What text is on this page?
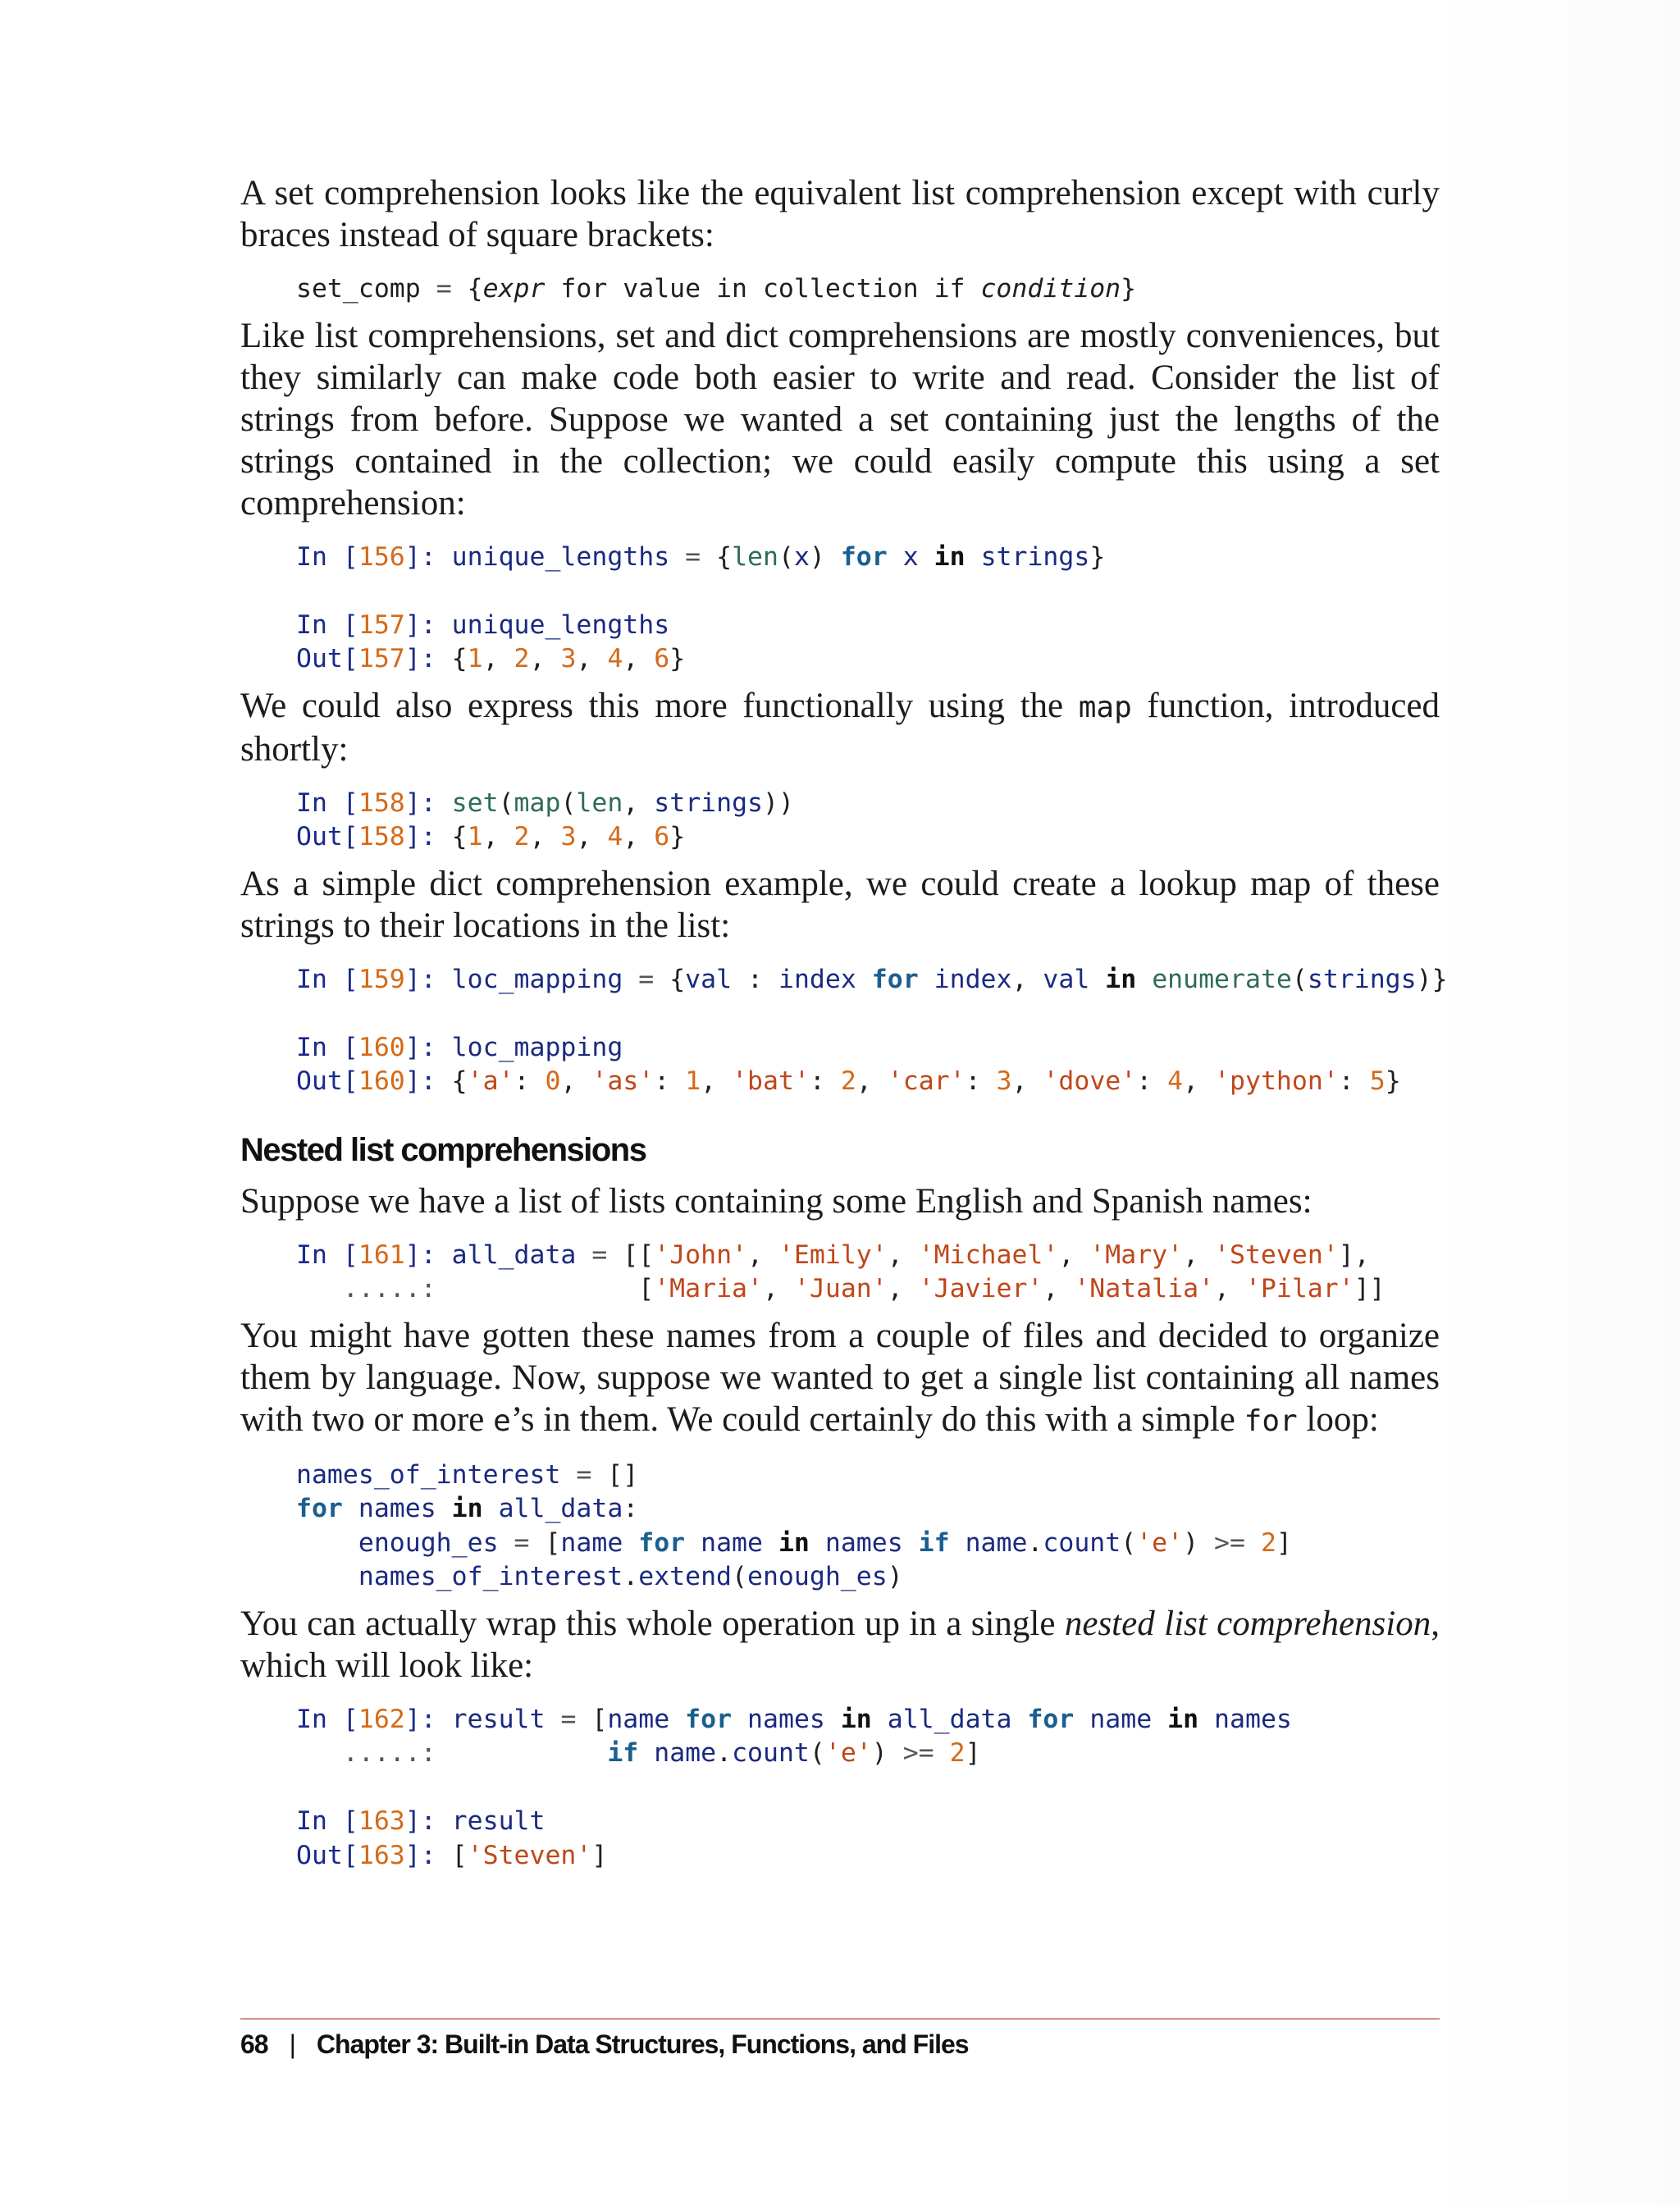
A set comprehension looks like the equivalent list comprehension except with curly braces instead of square brackets:

set_comp = {expr for value in collection if condition}

Like list comprehensions, set and dict comprehensions are mostly conveniences, but they similarly can make code both easier to write and read. Consider the list of strings from before. Suppose we wanted a set containing just the lengths of the strings contained in the collection; we could easily compute this using a set comprehension:

In [156]: unique_lengths = {len(x) for x in strings}

In [157]: unique_lengths
Out[157]: {1, 2, 3, 4, 6}

We could also express this more functionally using the map function, introduced shortly:

In [158]: set(map(len, strings))
Out[158]: {1, 2, 3, 4, 6}

As a simple dict comprehension example, we could create a lookup map of these strings to their locations in the list:

In [159]: loc_mapping = {val : index for index, val in enumerate(strings)}

In [160]: loc_mapping
Out[160]: {'a': 0, 'as': 1, 'bat': 2, 'car': 3, 'dove': 4, 'python': 5}
Nested list comprehensions

Suppose we have a list of lists containing some English and Spanish names:

In [161]: all_data = [['John', 'Emily', 'Michael', 'Mary', 'Steven'],
.....:             ['Maria', 'Juan', 'Javier', 'Natalia', 'Pilar']]

You might have gotten these names from a couple of files and decided to organize them by language. Now, suppose we wanted to get a single list containing all names with two or more e’s in them. We could certainly do this with a simple for loop:

names_of_interest = []
for names in all_data:
enough_es = [name for name in names if name.count('e') >= 2]
names_of_interest.extend(enough_es)

You can actually wrap this whole operation up in a single nested list comprehension, which will look like:

In [162]: result = [name for names in all_data for name in names
.....:	if name.count('e') >= 2]

In [163]: result
Out[163]: ['Steven']
68 | Chapter 3: Built-in Data Structures, Functions, and Files
